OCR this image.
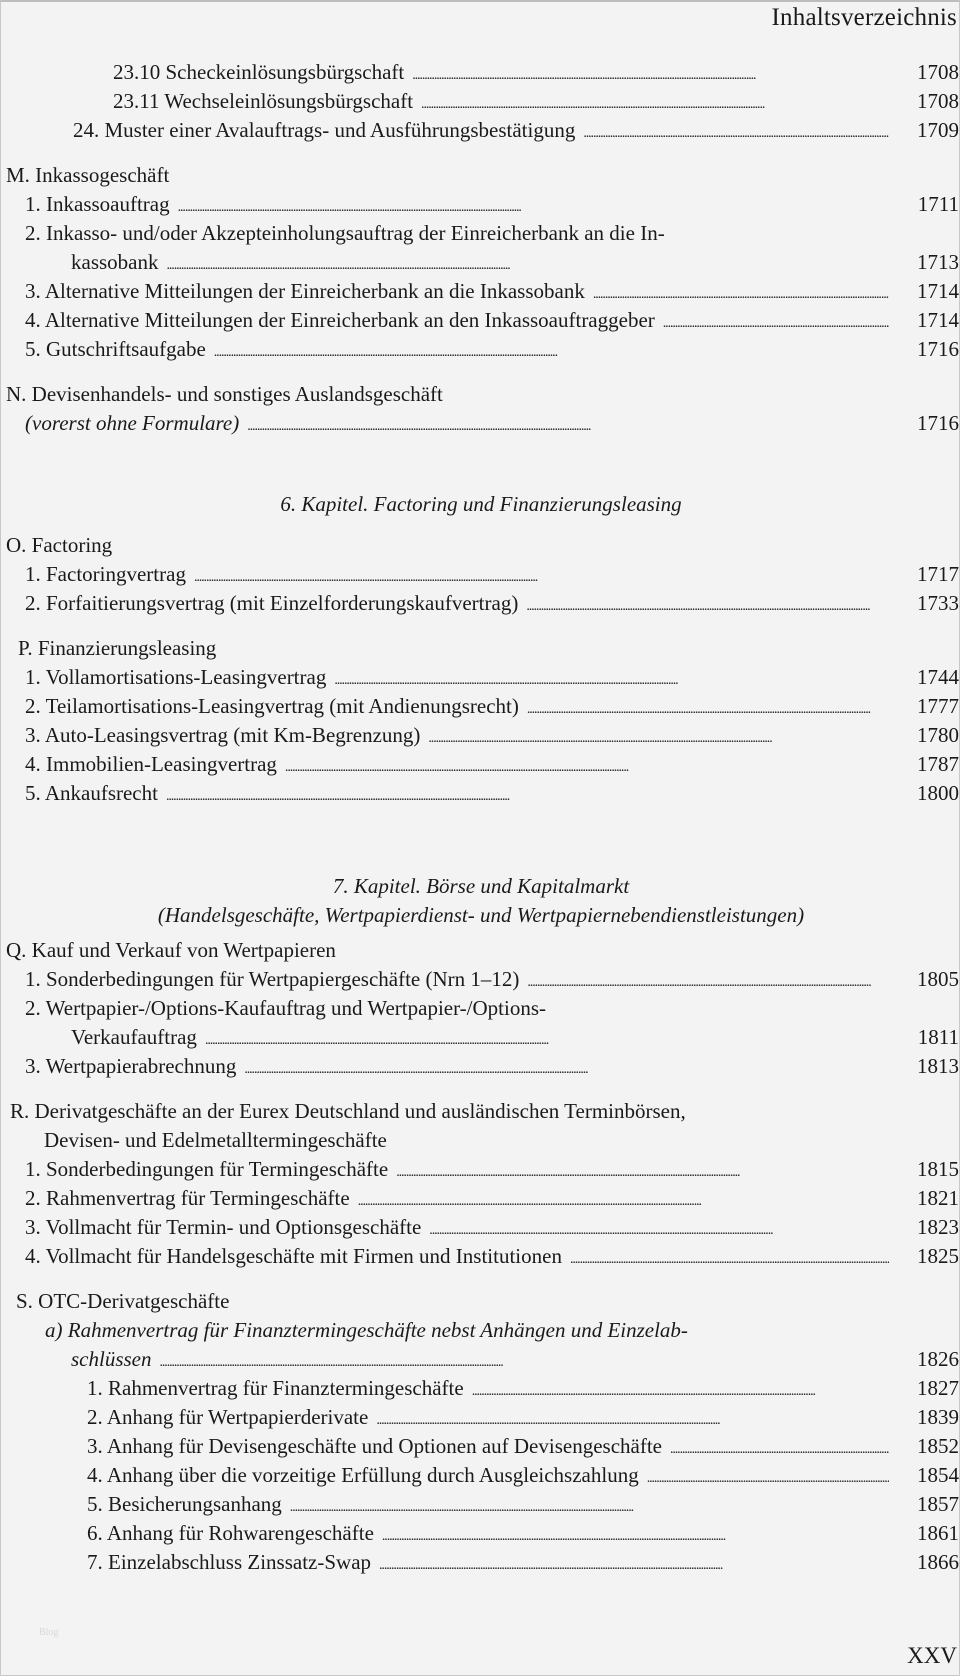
Inhaltsverzeichnis
23.10 Scheckeinlösungsbürgschaft . . .	1708
23.11 Wechseleinlösungsbürgschaft . . .	1708
24. Muster einer Avalauftrags- und Ausführungsbestätigung . . .	1709
M. Inkassogeschäft
1. Inkassoauftrag . . .	1711
2. Inkasso- und/oder Akzepteinholungsauftrag der Einreicherbank an die In-
kassobank . . .	1713
3. Alternative Mitteilungen der Einreicherbank an die Inkassobank . . .	1714
4. Alternative Mitteilungen der Einreicherbank an den Inkassoauftraggeber . . .	1714
5. Gutschriftsaufgabe . . .	1716
N. Devisenhandels- und sonstiges Auslandsgeschäft
(vorerst ohne Formulare) . . .	1716
6. Kapitel. Factoring und Finanzierungsleasing
O. Factoring
1. Factoringvertrag . . .	1717
2. Forfaitierungsvertrag (mit Einzelforderungskaufvertrag) . . .	1733
P. Finanzierungsleasing
1. Vollamortisations-Leasingvertrag . . .	1744
2. Teilamortisations-Leasingvertrag (mit Andienungsrecht) . . .	1777
3. Auto-Leasingsvertrag (mit Km-Begrenzung) . . .	1780
4. Immobilien-Leasingvertrag . . .	1787
5. Ankaufsrecht . . .	1800
7. Kapitel. Börse und Kapitalmarkt
(Handelsgeschäfte, Wertpapierdienst- und Wertpapiernebendienstleistungen)
Q. Kauf und Verkauf von Wertpapieren
1. Sonderbedingungen für Wertpapiergeschäfte (Nrn 1–12) . . .	1805
2. Wertpapier-/Options-Kaufauftrag und Wertpapier-/Options-
Verkaufauftrag . . .	1811
3. Wertpapierabrechnung . . .	1813
R. Derivatgeschäfte an der Eurex Deutschland und ausländischen Terminbörsen,
Devisen- und Edelmetalltermingeschäfte
1. Sonderbedingungen für Termingeschäfte . . .	1815
2. Rahmenvertrag für Termingeschäfte . . .	1821
3. Vollmacht für Termin- und Optionsgeschäfte . . .	1823
4. Vollmacht für Handelsgeschäfte mit Firmen und Institutionen . . .	1825
S. OTC-Derivatgeschäfte
a) Rahmenvertrag für Finanztermingeschäfte nebst Anhängen und Einzelab-
schlüssen . . .	1826
1. Rahmenvertrag für Finanztermingeschäfte . . .	1827
2. Anhang für Wertpapierderivate . . .	1839
3. Anhang für Devisengeschäfte und Optionen auf Devisengeschäfte . . .	1852
4. Anhang über die vorzeitige Erfüllung durch Ausgleichszahlung . . .	1854
5. Besicherungsanhang . . .	1857
6. Anhang für Rohwarengeschäfte . . .	1861
7. Einzelabschluss Zinssatz-Swap . . .	1866
Blog
XXV
